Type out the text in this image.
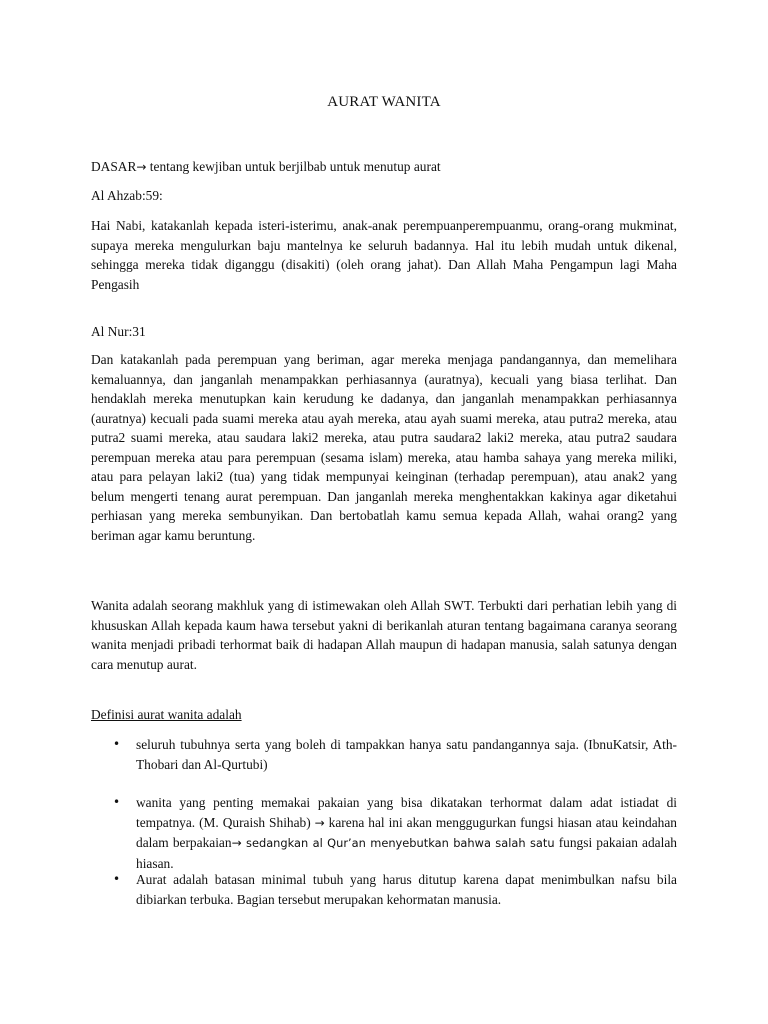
AURAT WANITA

DASAR→ tentang kewjiban untuk berjilbab untuk menutup aurat

Al Ahzab:59:

Hai Nabi, katakanlah kepada isteri-isterimu, anak-anak perempuanperempuanmu, orang-orang mukminat, supaya mereka mengulurkan baju mantelnya ke seluruh badannya. Hal itu lebih mudah untuk dikenal, sehingga mereka tidak diganggu (disakiti) (oleh orang jahat). Dan Allah Maha Pengampun lagi Maha Pengasih

Al Nur:31

Dan katakanlah pada perempuan yang beriman, agar mereka menjaga pandangannya, dan memelihara kemaluannya, dan janganlah menampakkan perhiasannya (auratnya), kecuali yang biasa terlihat. Dan hendaklah mereka menutupkan kain kerudung ke dadanya, dan janganlah menampakkan perhiasannya (auratnya) kecuali pada suami mereka atau ayah mereka, atau ayah suami mereka, atau putra2 mereka, atau putra2 suami mereka, atau saudara laki2 mereka, atau putra saudara2 laki2 mereka, atau putra2 saudara perempuan mereka atau para perempuan (sesama islam) mereka, atau hamba sahaya yang mereka miliki, atau para pelayan laki2 (tua) yang tidak mempunyai keinginan (terhadap perempuan), atau anak2 yang belum mengerti tenang aurat perempuan. Dan janganlah mereka menghentakkan kakinya agar diketahui perhiasan yang mereka sembunyikan. Dan bertobatlah kamu semua kepada Allah, wahai orang2 yang beriman agar kamu beruntung.

Wanita adalah seorang makhluk yang di istimewakan oleh Allah SWT. Terbukti dari perhatian lebih yang di khususkan Allah kepada kaum hawa tersebut yakni di berikanlah aturan tentang bagaimana caranya seorang wanita menjadi pribadi terhormat baik di hadapan Allah maupun di hadapan manusia, salah satunya dengan cara menutup aurat.

Definisi aurat wanita adalah

• seluruh tubuhnya serta yang boleh di tampakkan hanya satu pandangannya saja. (IbnuKatsir, Ath-Thobari dan Al-Qurtubi)

• wanita yang penting memakai pakaian yang bisa dikatakan terhormat dalam adat istiadat di tempatnya. (M. Quraish Shihab) → karena hal ini akan menggugurkan fungsi hiasan atau keindahan dalam berpakaian→ sedangkan al Qur’an menyebutkan bahwa salah satu fungsi pakaian adalah hiasan.

• Aurat adalah batasan minimal tubuh yang harus ditutup karena dapat menimbulkan nafsu bila dibiarkan terbuka. Bagian tersebut merupakan kehormatan manusia.
